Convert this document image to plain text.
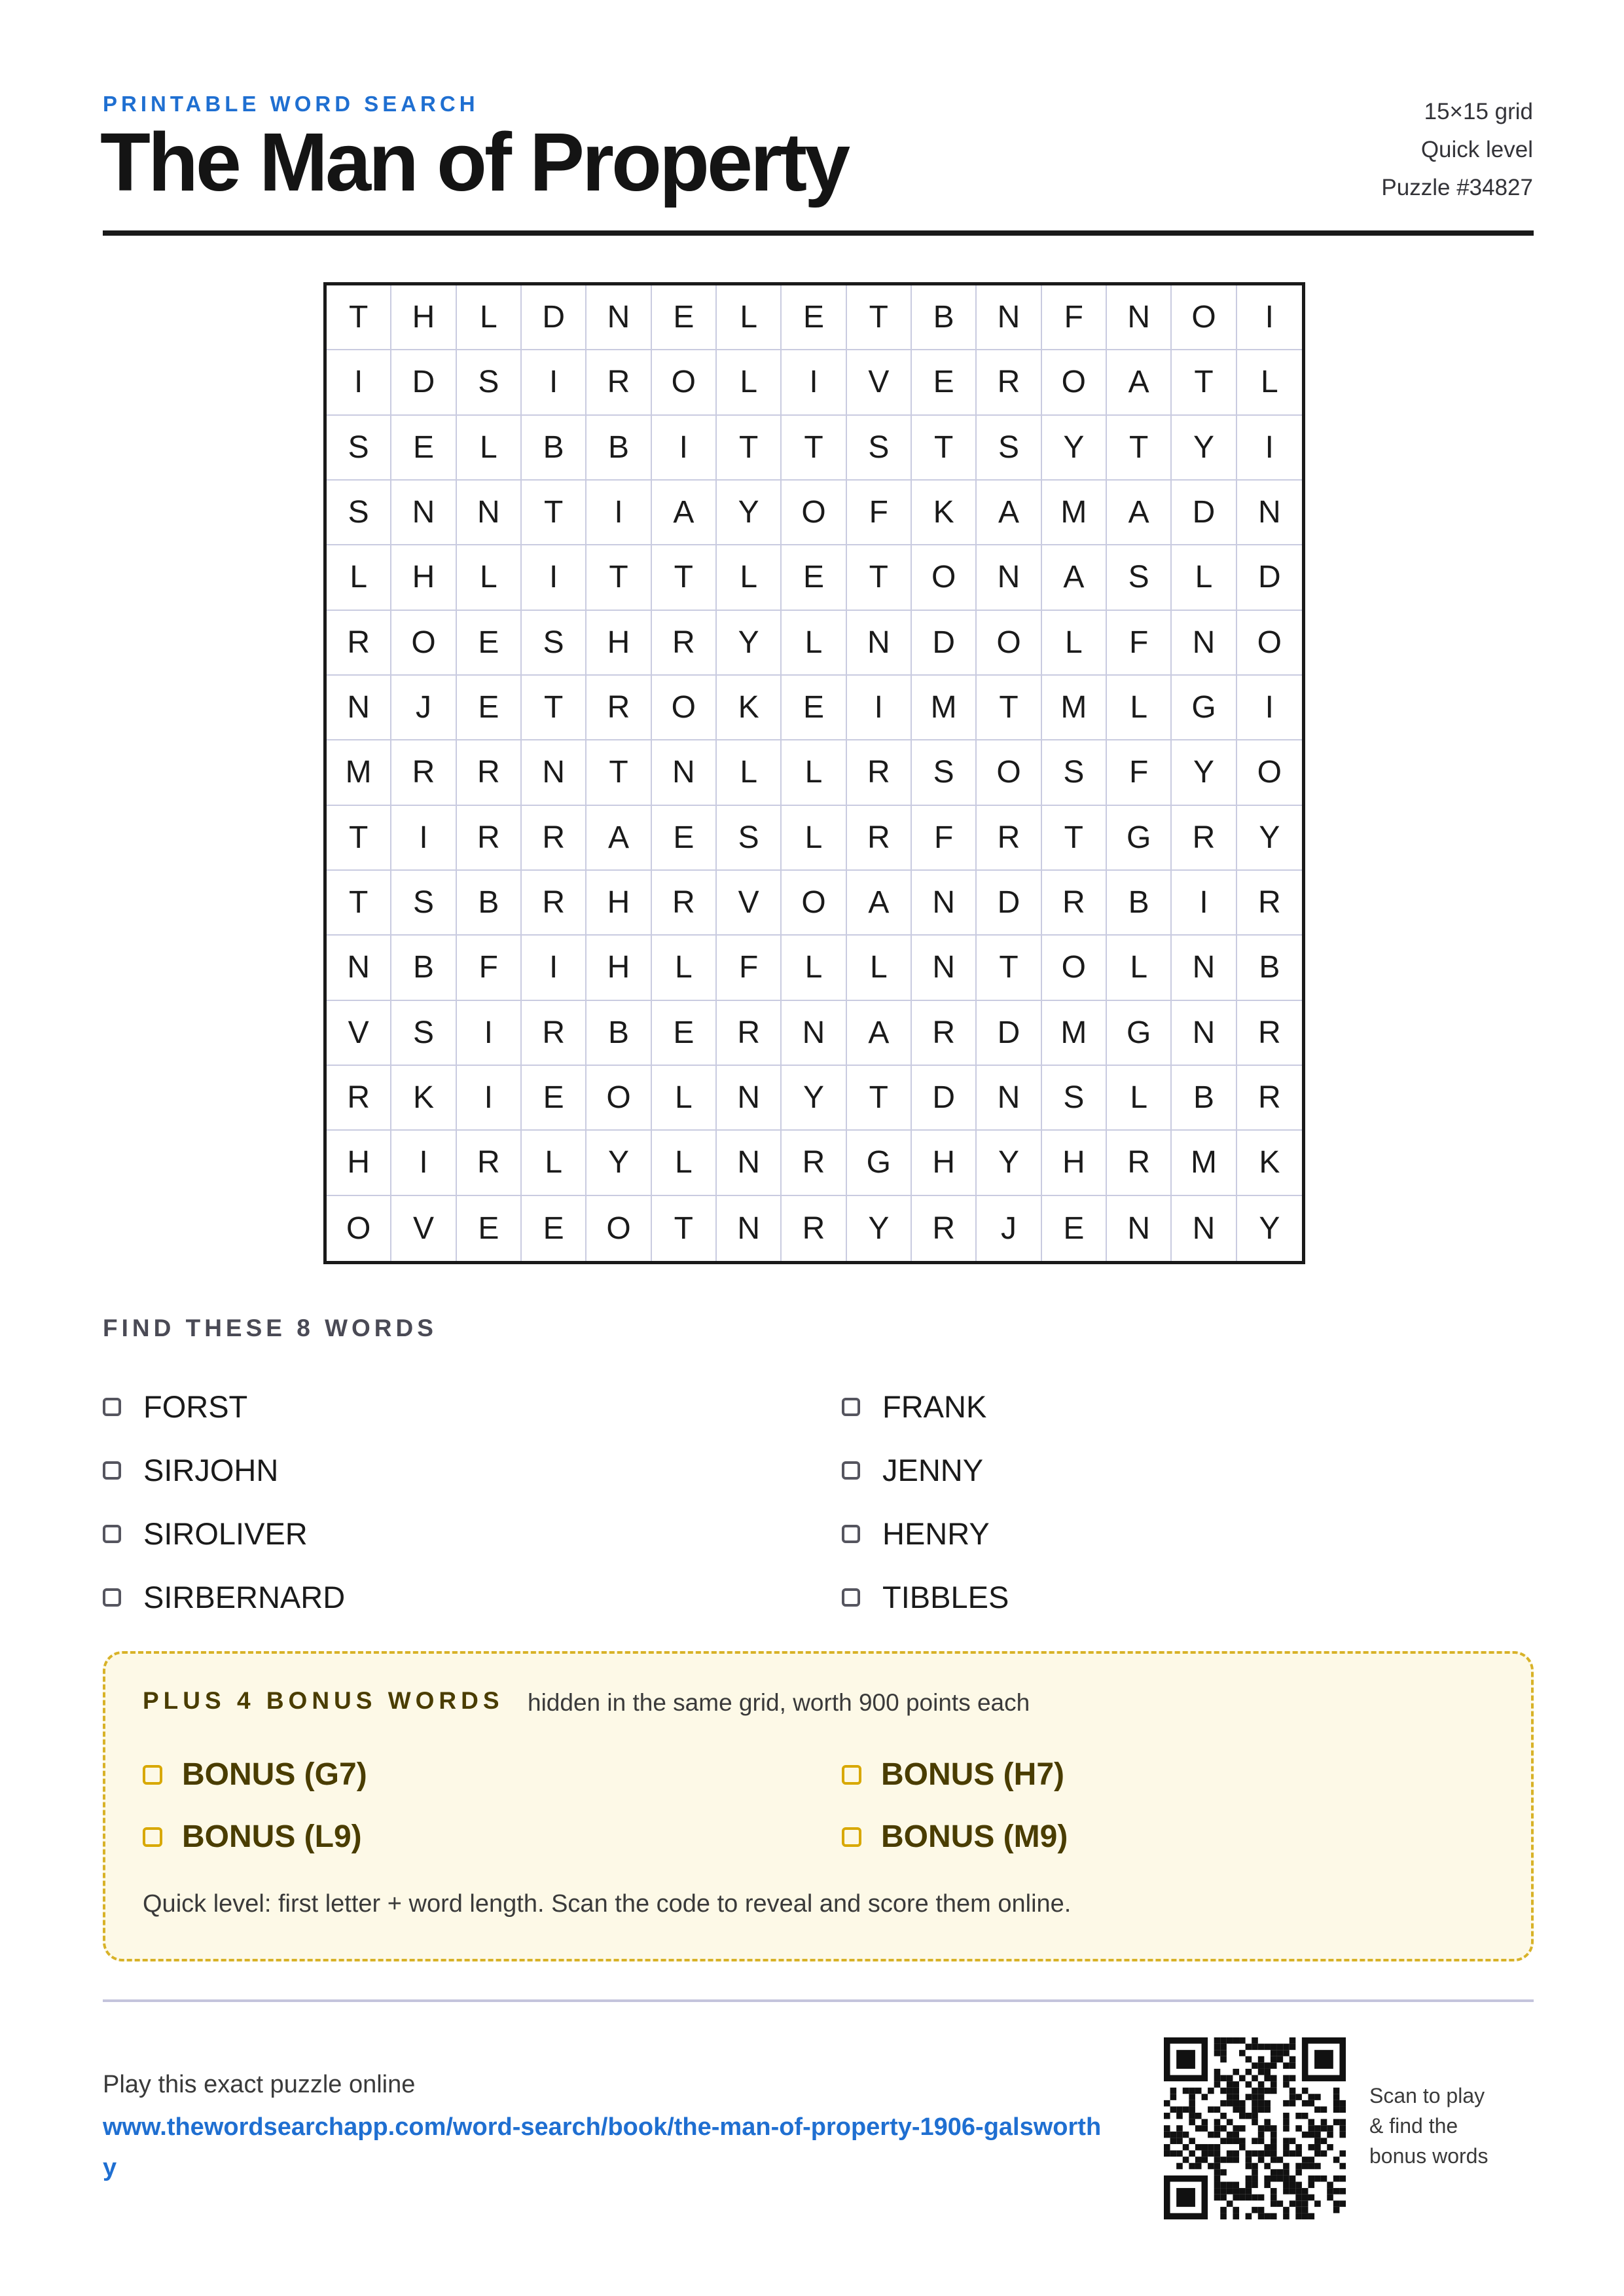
PRINTABLE WORD SEARCH
The Man of Property
15×15 grid
Quick level
Puzzle #34827
T	H	L	D	N	E	L	E	T	B	N	F	N	O	I
I	D	S	I	R	O	L	I	V	E	R	O	A	T	L
S	E	L	B	B	I	T	T	S	T	S	Y	T	Y	I
S	N	N	T	I	A	Y	O	F	K	A	M	A	D	N
L	H	L	I	T	T	L	E	T	O	N	A	S	L	D
R	O	E	S	H	R	Y	L	N	D	O	L	F	N	O
N	J	E	T	R	O	K	E	I	M	T	M	L	G	I
M	R	R	N	T	N	L	L	R	S	O	S	F	Y	O
T	I	R	R	A	E	S	L	R	F	R	T	G	R	Y
T	S	B	R	H	R	V	O	A	N	D	R	B	I	R
N	B	F	I	H	L	F	L	L	N	T	O	L	N	B
V	S	I	R	B	E	R	N	A	R	D	M	G	N	R
R	K	I	E	O	L	N	Y	T	D	N	S	L	B	R
H	I	R	L	Y	L	N	R	G	H	Y	H	R	M	K
O	V	E	E	O	T	N	R	Y	R	J	E	N	N	Y
FIND THESE 8 WORDS
FORST
SIRJOHN
SIROLIVER
SIRBERNARD
FRANK
JENNY
HENRY
TIBBLES
PLUS 4 BONUS WORDS hidden in the same grid, worth 900 points each
BONUS (G7)
BONUS (L9)
BONUS (H7)
BONUS (M9)
Quick level: first letter + word length. Scan the code to reveal and score them online.
Play this exact puzzle online
www.thewordsearchapp.com/word-search/book/the-man-of-property-1906-galsworthy
Scan to play & find the bonus words
